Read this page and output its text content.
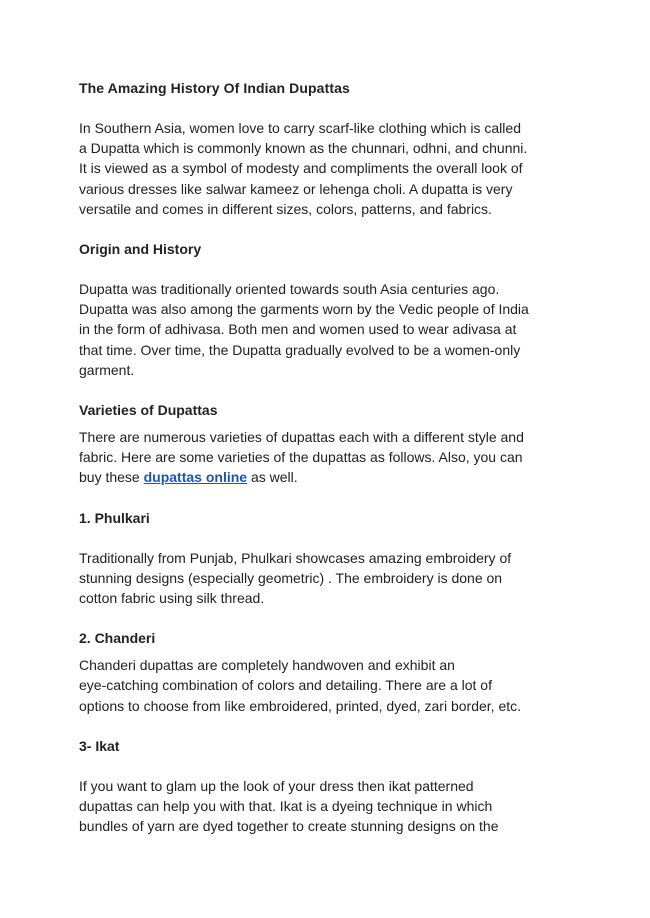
The Amazing History Of Indian Dupattas

In Southern Asia, women love to carry scarf-like clothing which is called
a Dupatta which is commonly known as the chunnari, odhni, and chunni.
It is viewed as a symbol of modesty and compliments the overall look of
various dresses like salwar kameez or lehenga choli. A dupatta is very
versatile and comes in different sizes, colors, patterns, and fabrics.

Origin and History

Dupatta was traditionally oriented towards south Asia centuries ago.
Dupatta was also among the garments worn by the Vedic people of India
in the form of adhivasa. Both men and women used to wear adivasa at
that time. Over time, the Dupatta gradually evolved to be a women-only
garment.

Varieties of Dupattas

There are numerous varieties of dupattas each with a different style and
fabric. Here are some varieties of the dupattas as follows. Also, you can
buy these dupattas online as well.

1. Phulkari

Traditionally from Punjab, Phulkari showcases amazing embroidery of
stunning designs (especially geometric) . The embroidery is done on
cotton fabric using silk thread.

2. Chanderi

Chanderi dupattas are completely handwoven and exhibit an
eye-catching combination of colors and detailing. There are a lot of
options to choose from like embroidered, printed, dyed, zari border, etc.

3- Ikat

If you want to glam up the look of your dress then ikat patterned
dupattas can help you with that. Ikat is a dyeing technique in which
bundles of yarn are dyed together to create stunning designs on the
